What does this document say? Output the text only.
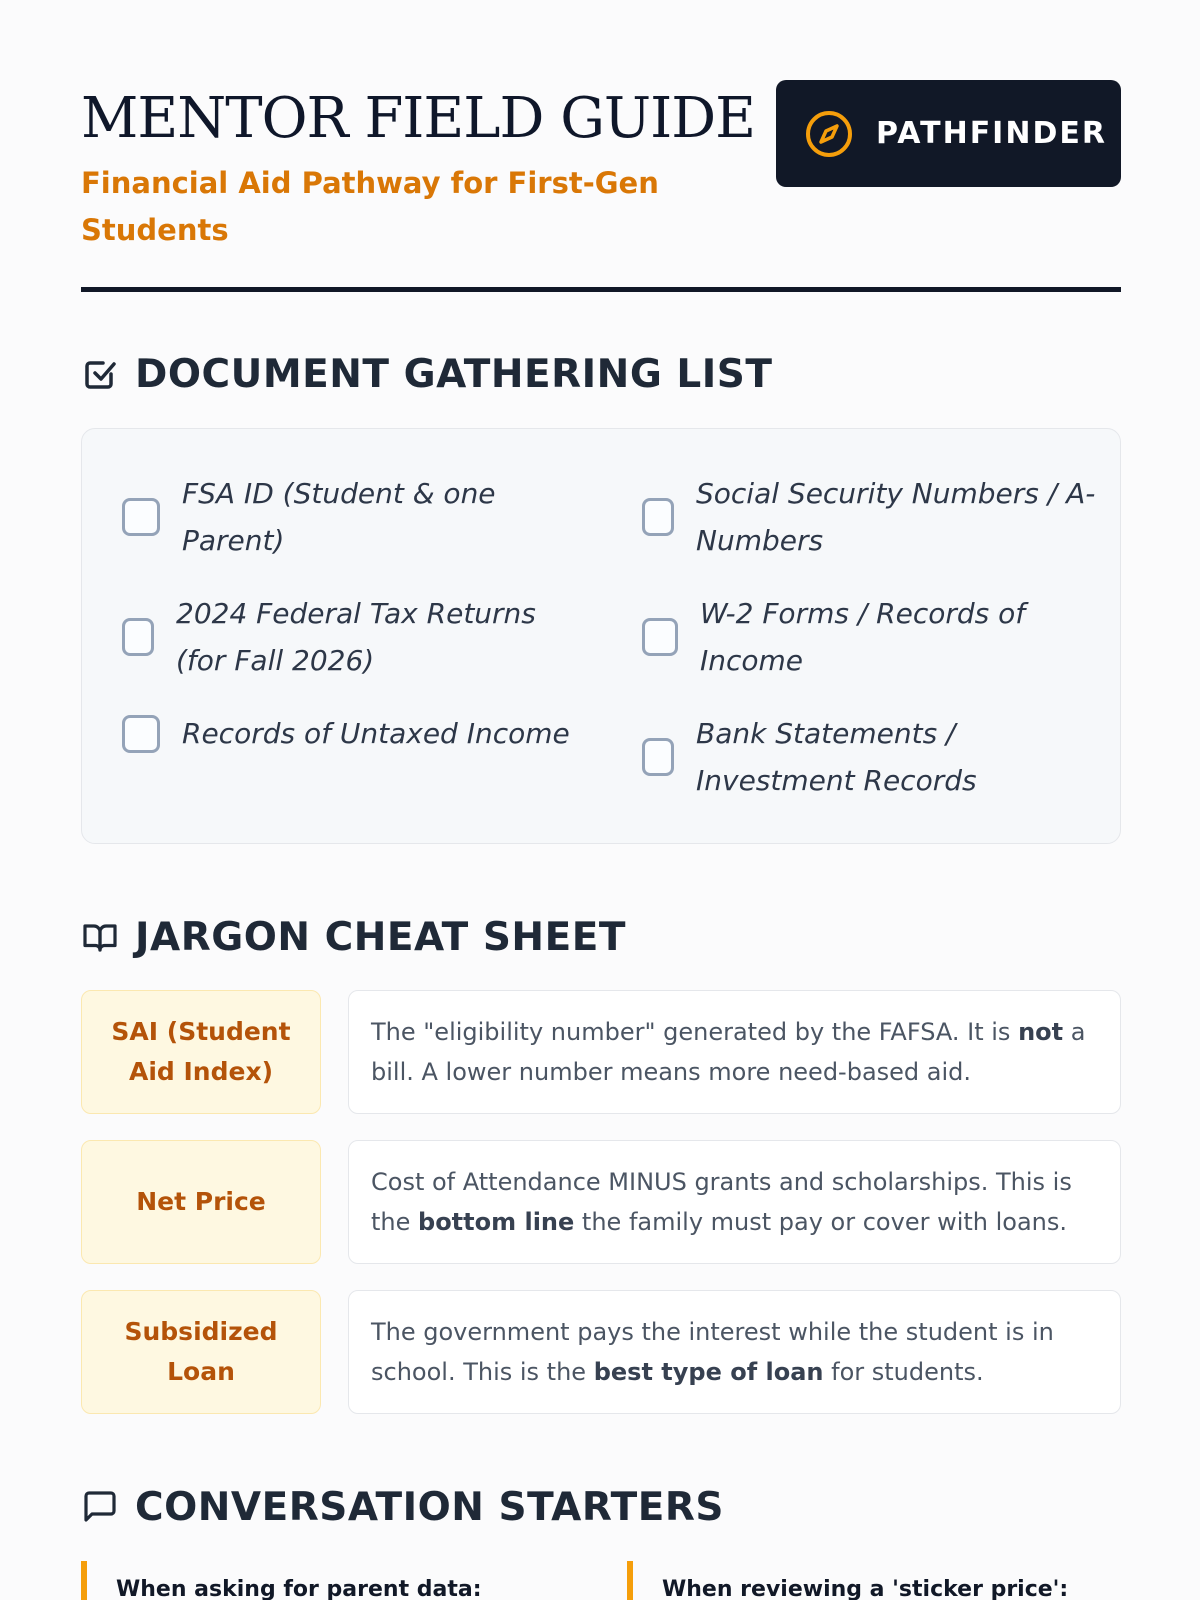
MENTOR FIELD GUIDE
Financial Aid Pathway for First-Gen Students
PATHFINDER
DOCUMENT GATHERING LIST
FSA ID (Student & one Parent)
Social Security Numbers / A-Numbers
2024 Federal Tax Returns (for Fall 2026)
W-2 Forms / Records of Income
Records of Untaxed Income	Bank Statements / Investment Records
JARGON CHEAT SHEET
SAI (Student Aid Index)

The "eligibility number" generated by the FAFSA. It is not a bill. A lower number means more need-based aid.

Net Price

Cost of Attendance MINUS grants and scholarships. This is the bottom line the family must pay or cover with loans.

Subsidized Loan

The government pays the interest while the student is in school. This is the best type of loan for students.

CONVERSATION STARTERS
When asking for parent data:	When reviewing a 'sticker price':
